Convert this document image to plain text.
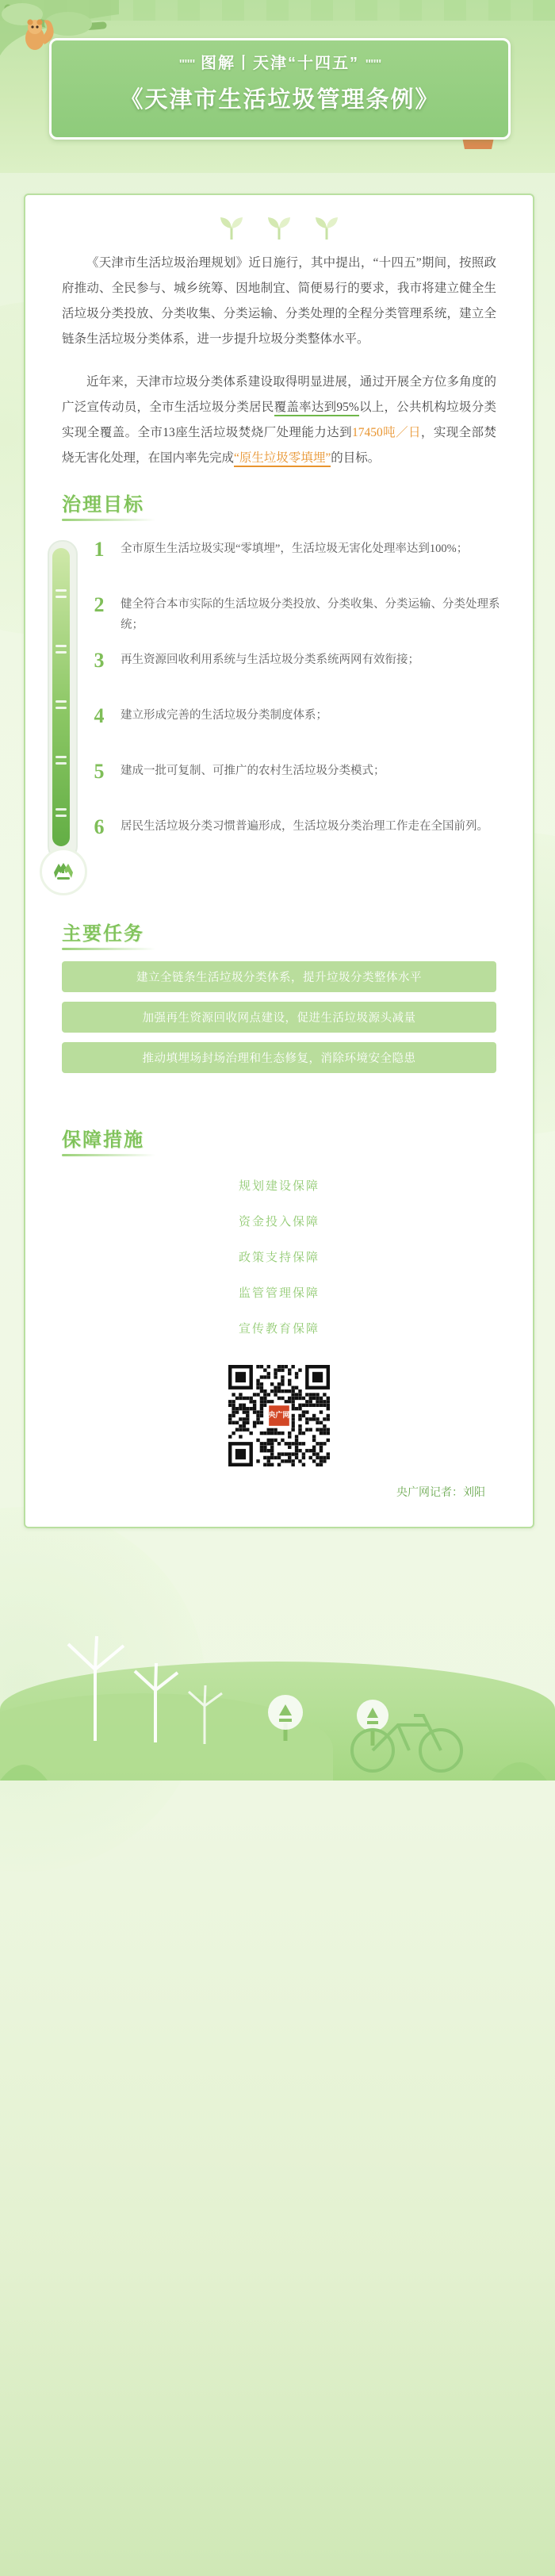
""" 图解丨天津“十四五” """
《天津市生活垃圾管理条例》

《天津市生活垃圾治理规划》近日施行，其中提出，“十四五”期间，按照政府推动、全民参与、城乡统筹、因地制宜、简便易行的要求，我市将建立健全生活垃圾分类投放、分类收集、分类运输、分类处理的全程分类管理系统，建立全链条生活垃圾分类体系，进一步提升垃圾分类整体水平。

近年来，天津市垃圾分类体系建设取得明显进展，通过开展全方位多角度的广泛宣传动员，全市生活垃圾分类居民覆盖率达到95%以上，公共机构垃圾分类实现全覆盖。全市13座生活垃圾焚烧厂处理能力达到17450吨／日，实现全部焚烧无害化处理，在国内率先完成“原生垃圾零填埋”的目标。

治理目标
1	全市原生生活垃圾实现“零填埋”，生活垃圾无害化处理率达到100%；
2	健全符合本市实际的生活垃圾分类投放、分类收集、分类运输、分类处理系统；
3	再生资源回收利用系统与生活垃圾分类系统两网有效衔接；
4	建立形成完善的生活垃圾分类制度体系；
5	建成一批可复制、可推广的农村生活垃圾分类模式；
6	居民生活垃圾分类习惯普遍形成，生活垃圾分类治理工作走在全国前列。
主要任务
建立全链条生活垃圾分类体系，提升垃圾分类整体水平
加强再生资源回收网点建设，促进生活垃圾源头减量
推动填埋场封场治理和生态修复，消除环境安全隐患
保障措施
规划建设保障
资金投入保障
政策支持保障
监管管理保障
宣传教育保障
央广网记者：刘阳
